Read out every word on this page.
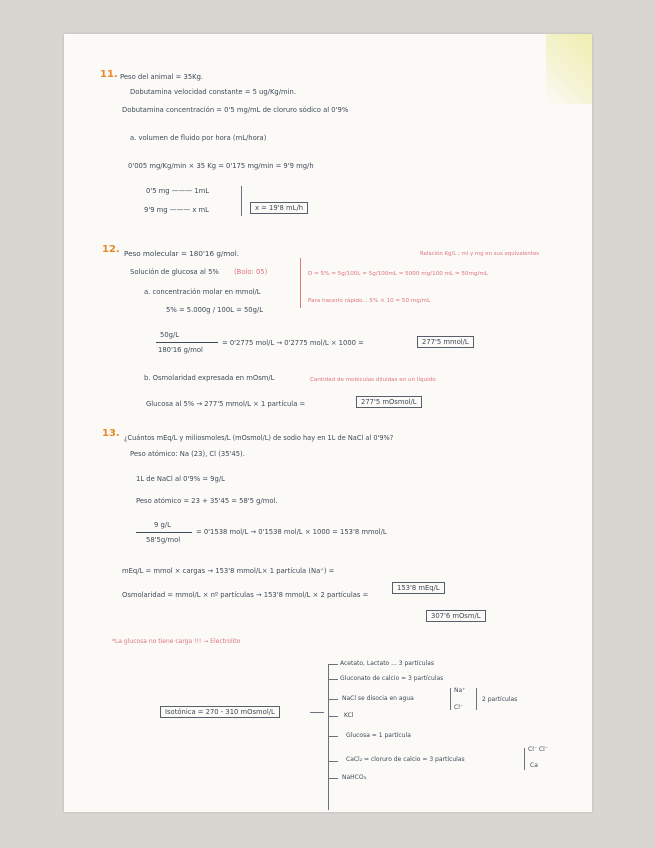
11. Peso del animal = 35Kg.
Dobutamina velocidad constante = 5 ug/Kg/min.
Dobutamina concentración = 0'5 mg/mL de cloruro sódico al 0'9%
a. volumen de fluido por hora (mL/hora)
0'005 mg/Kg/min × 35 Kg = 0'175 mg/min = 9'9 mg/h
0'5 mg ——— 1mL
9'9 mg ——— x mL	x = 19'8 mL/h
12. Peso molecular = 180'16 g/mol.
Solución de glucosa al 5% (Bolo: 05)
a. concentración molar en mmol/L
5% = 5.000g / 100L = 50g/L
50g/L
180'16 g/mol
= 0'2775 mol/L → 0'2775 mol/L × 1000 =	277'5 mmol/L
b. Osmolaridad expresada en mOsm/L	Cantidad de moléculas diluidas en un líquido
Glucosa al 5% → 277'5 mmol/L × 1 partícula =	277'5 mOsmol/L
Relación Kg/L ; ml y mg en sus equivalentes
D = 5% = 5g/100L = 5g/100mL = 5000 mg/100 mL = 50mg/mL
Para hacerlo rápido... 5% × 10 = 50 mg/mL
13. ¿Cuántos mEq/L y miliosmoles/L (mOsmol/L) de sodio hay en 1L de NaCl al 0'9%?
Peso atómico: Na (23), Cl (35'45).
1L de NaCl al 0'9% = 9g/L
Peso atómico = 23 + 35'45 = 58'5 g/mol.
9 g/L
58'5g/mol
= 0'1538 mol/L → 0'1538 mol/L × 1000 = 153'8 mmol/L
mEq/L = mmol × cargas → 153'8 mmol/L× 1 partícula (Na⁺) =
153'8 mEq/L
Osmolaridad = mmol/L × nº partículas → 153'8 mmol/L × 2 partículas =
307'6 mOsm/L
*La glucosa no tiene carga !!! → Electrolito
Isotónica = 270 - 310 mOsmol/L
Acetato, Lactato ... 3 partículas
Gluconato de calcio = 3 partículas
NaCl se disocia en agua
Na⁺
Cl⁻
2 partículas
KCl
Glucosa = 1 partícula
CaCl₂ = cloruro de calcio = 3 partículas
Cl⁻ Cl⁻
Ca
NaHCO₃
